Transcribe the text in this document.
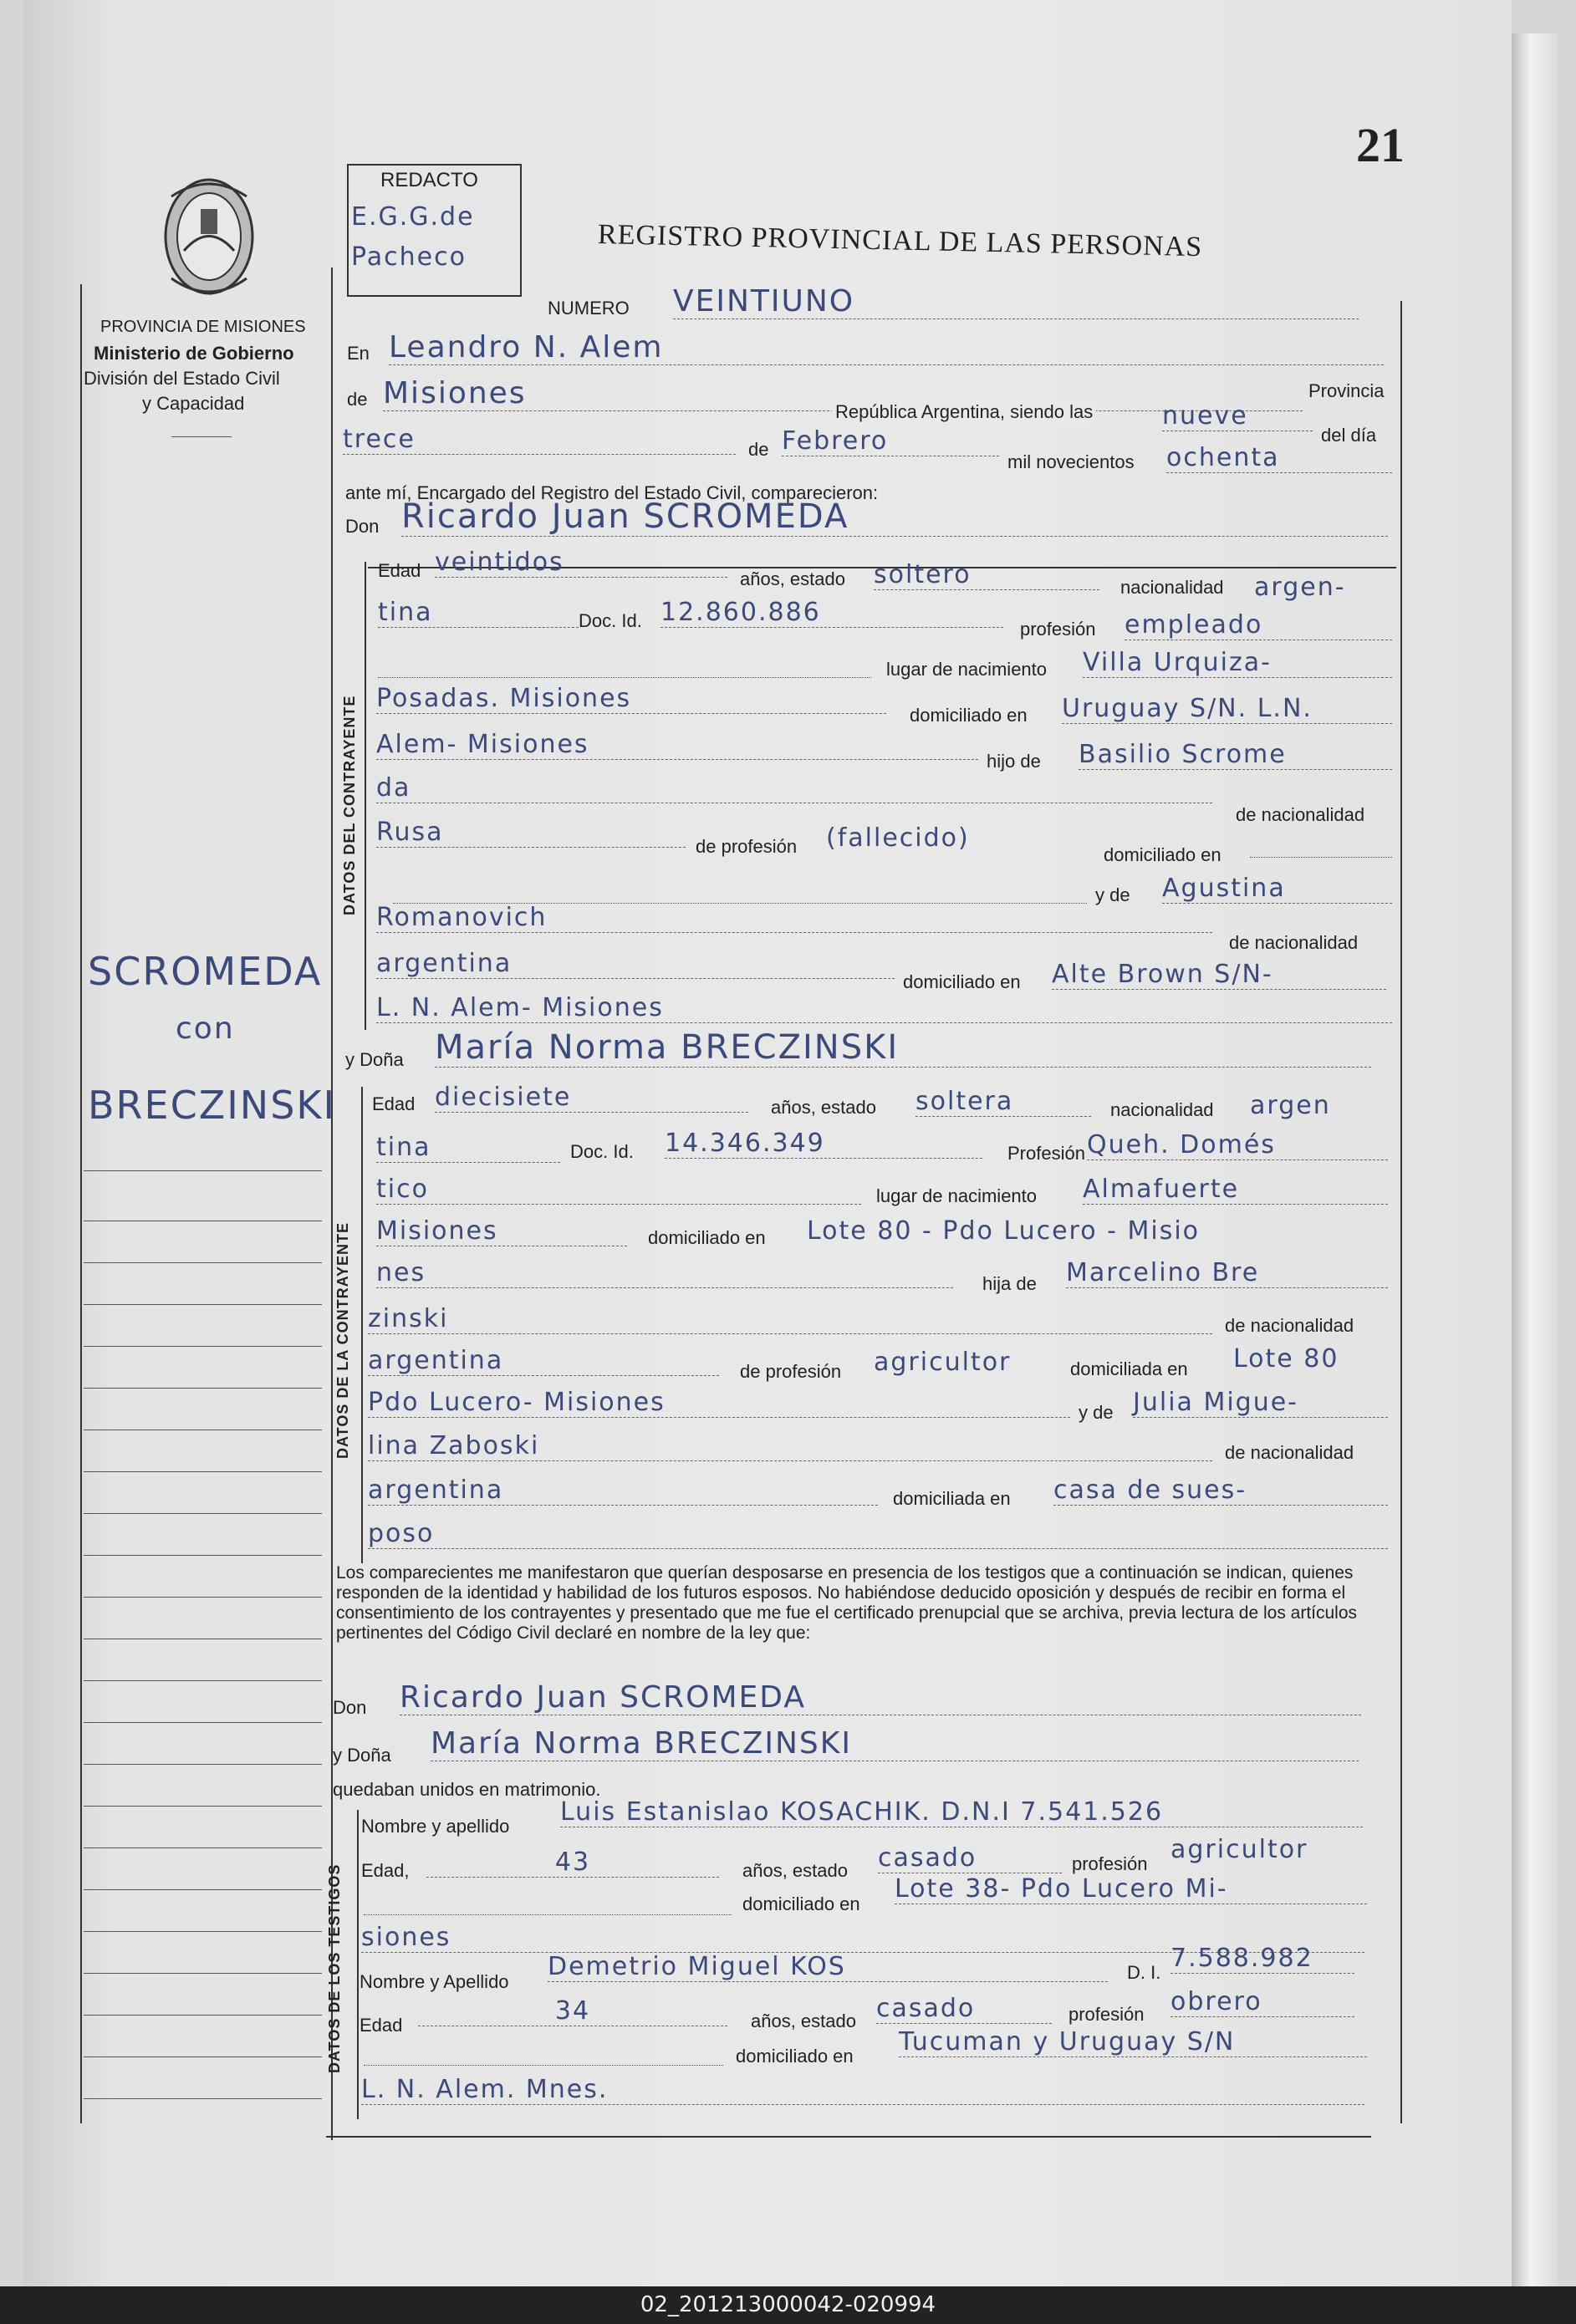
21
REDACTO
E.G.G.de
Pacheco	REGISTRO PROVINCIAL DE LAS PERSONAS
PROVINCIA DE MISIONES
Ministerio de Gobierno
División del Estado Civil
y Capacidad
SCROMEDA
con
BRECZINSKI
NUMERO VEINTIUNO
En Leandro N. Alem
de Misiones	Provincia
República Argentina, siendo las	nueve
del día
trece	de Febrero
mil novecientos ochenta
ante mí, Encargado del Registro del Estado Civil, comparecieron:
Don Ricardo Juan SCROMEDA
DATOS DEL CONTRAYENTE
Edad veintidos
años, estado soltero	nacionalidad argen-
tina	Doc. Id. 12.860.886
profesión empleado
lugar de nacimiento Villa Urquiza-
Posadas. Misiones
domiciliado en Uruguay S/N. L.N.
Alem- Misiones
hijo de Basilio Scrome
da
de nacionalidad
Rusa	de profesión (fallecido)
domiciliado en
y de Agustina
Romanovich
de nacionalidad
argentina
domiciliado en Alte Brown S/N-
L. N. Alem- Misiones
y Doña María Norma BRECZINSKI
DATOS DE LA CONTRAYENTE
Edad diecisiete	años, estado soltera	nacionalidad argen
tina	Doc. Id. 14.346.349	Profesión Queh. Domés
tico	lugar de nacimiento Almafuerte
Misiones	domiciliado en Lote 80 - Pdo Lucero - Misio
nes	hija de Marcelino Bre
zinski	de nacionalidad
argentina	de profesión agricultor	domiciliada en Lote 80
Pdo Lucero- Misiones	y de Julia Migue-
lina Zaboski	de nacionalidad
argentina	domiciliada en casa de sues-
poso
Los comparecientes me manifestaron que querían desposarse en presencia de los testigos que a continuación se indican, quienes responden de la identidad y habilidad de los futuros esposos. No habiéndose deducido oposición y después de recibir en forma el consentimiento de los contrayentes y presentado que me fue el certificado prenupcial que se archiva, previa lectura de los artículos pertinentes del Código Civil declaré en nombre de la ley que:
Don Ricardo Juan SCROMEDA
y Doña María Norma BRECZINSKI
quedaban unidos en matrimonio.
DATOS DE LOS TESTIGOS
Nombre y apellido Luis Estanislao KOSACHIK. D.N.I 7.541.526
Edad,	43	años, estado casado	profesión agricultor
domiciliado en
Lote 38- Pdo Lucero Mi-
siones
Nombre y Apellido
Demetrio Miguel KOS	D. I. 7.588.982
Edad	34	años, estado casado	profesión obrero
domiciliado en Tucuman y Uruguay S/N
L. N. Alem. Mnes.
02_201213000042-020994
